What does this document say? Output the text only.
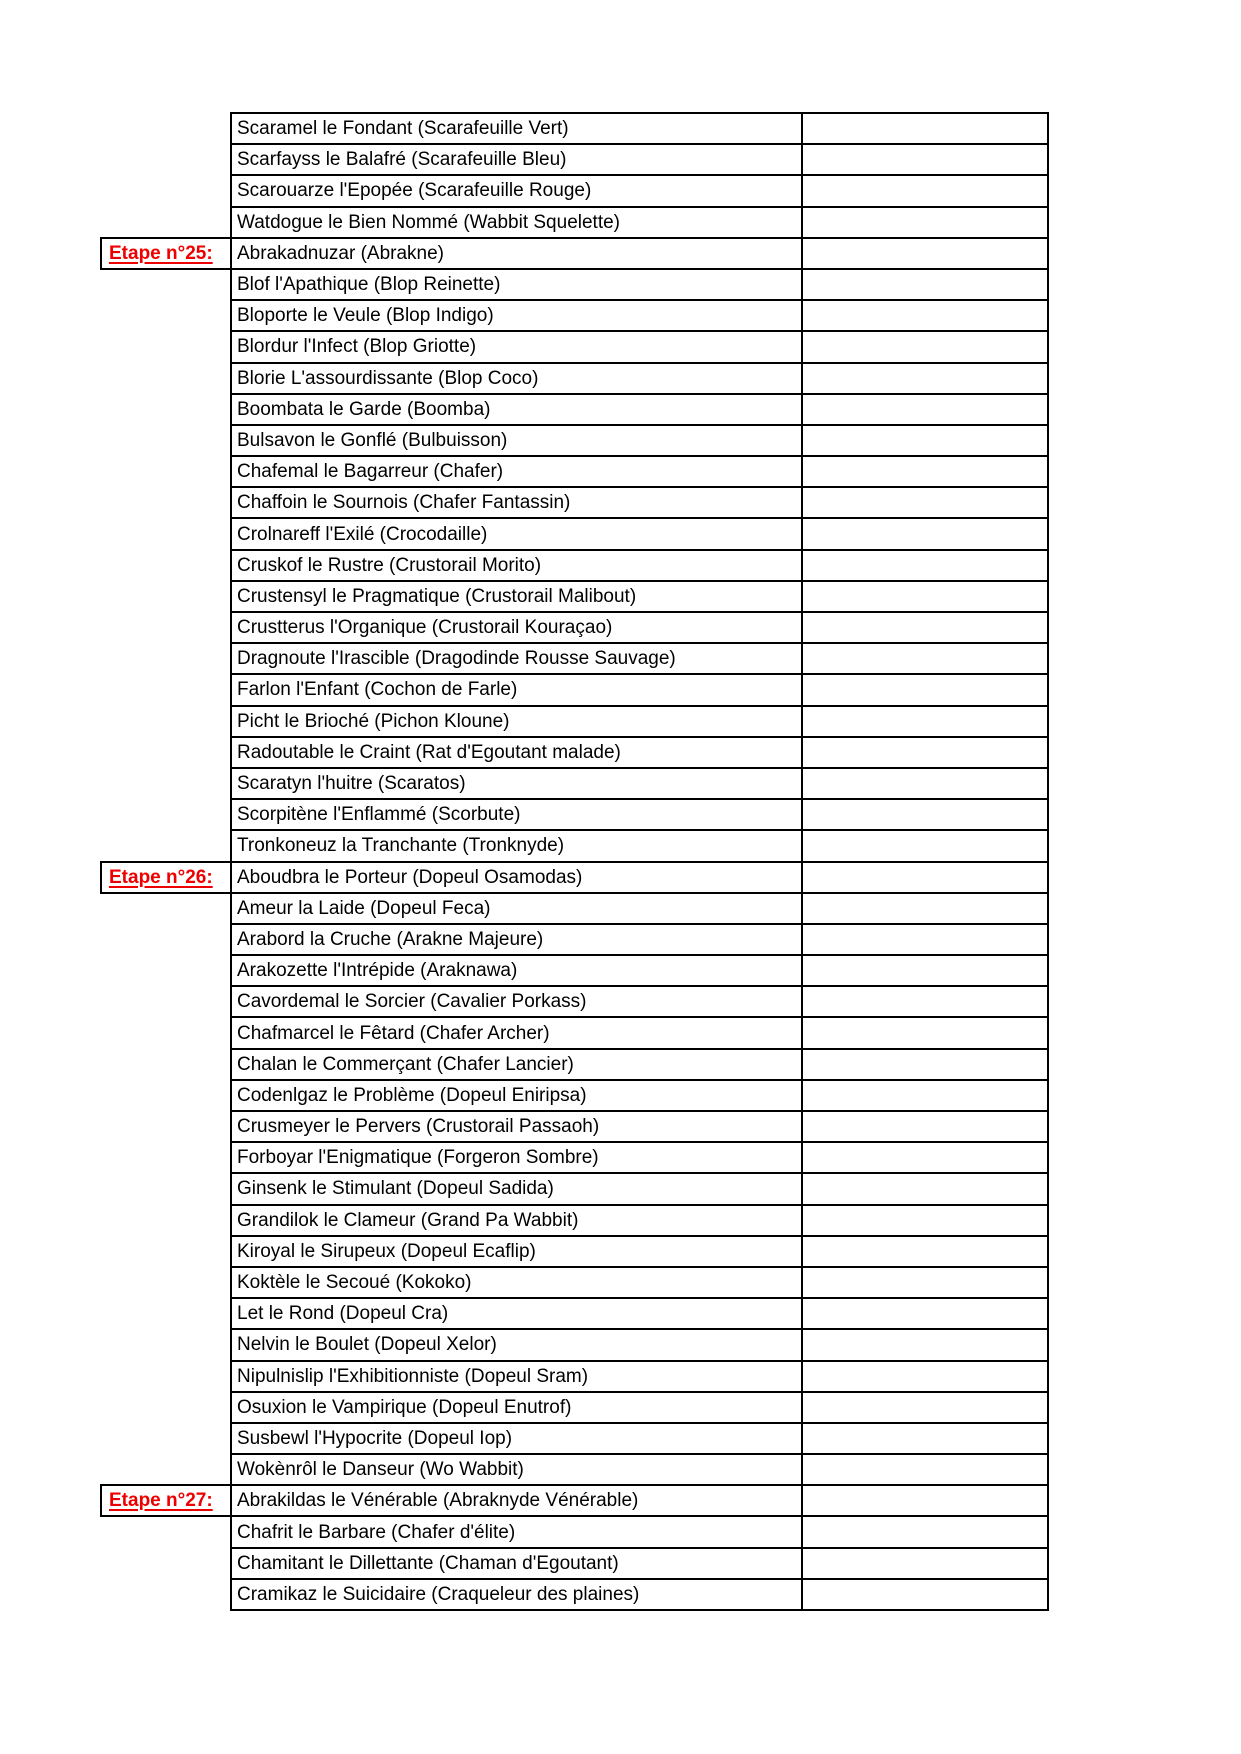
	Scaramel le Fondant (Scarafeuille Vert)	
	Scarfayss le Balafré (Scarafeuille Bleu)	
	Scarouarze l'Epopée (Scarafeuille Rouge)	
	Watdogue le Bien Nommé (Wabbit Squelette)	
Etape n°25:	Abrakadnuzar (Abrakne)	
	Blof l'Apathique (Blop Reinette)	
	Bloporte le Veule (Blop Indigo)	
	Blordur l'Infect (Blop Griotte)	
	Blorie L'assourdissante (Blop Coco)	
	Boombata le Garde (Boomba)	
	Bulsavon le Gonflé (Bulbuisson)	
	Chafemal le Bagarreur (Chafer)	
	Chaffoin le Sournois (Chafer Fantassin)	
	Crolnareff l'Exilé (Crocodaille)	
	Cruskof le Rustre (Crustorail Morito)	
	Crustensyl le Pragmatique (Crustorail Malibout)	
	Crustterus l'Organique (Crustorail Kouraçao)	
	Dragnoute l'Irascible (Dragodinde Rousse Sauvage)	
	Farlon l'Enfant (Cochon de Farle)	
	Picht le Brioché (Pichon Kloune)	
	Radoutable le Craint (Rat d'Egoutant malade)	
	Scaratyn l'huitre (Scaratos)	
	Scorpitène l'Enflammé (Scorbute)	
	Tronkoneuz la Tranchante (Tronknyde)	
Etape n°26:	Aboudbra le Porteur (Dopeul Osamodas)	
	Ameur la Laide (Dopeul Feca)	
	Arabord la Cruche (Arakne Majeure)	
	Arakozette l'Intrépide (Araknawa)	
	Cavordemal le Sorcier (Cavalier Porkass)	
	Chafmarcel le Fêtard (Chafer Archer)	
	Chalan le Commerçant (Chafer Lancier)	
	Codenlgaz le Problème (Dopeul Eniripsa)	
	Crusmeyer le Pervers (Crustorail Passaoh)	
	Forboyar l'Enigmatique (Forgeron Sombre)	
	Ginsenk le Stimulant (Dopeul Sadida)	
	Grandilok le Clameur (Grand Pa Wabbit)	
	Kiroyal le Sirupeux (Dopeul Ecaflip)	
	Koktèle le Secoué (Kokoko)	
	Let le Rond (Dopeul Cra)	
	Nelvin le Boulet (Dopeul Xelor)	
	Nipulnislip l'Exhibitionniste (Dopeul Sram)	
	Osuxion le Vampirique (Dopeul Enutrof)	
	Susbewl l'Hypocrite (Dopeul Iop)	
	Wokènrôl le Danseur (Wo Wabbit)	
Etape n°27:	Abrakildas le Vénérable (Abraknyde Vénérable)	
	Chafrit le Barbare (Chafer d'élite)	
	Chamitant le Dillettante (Chaman d'Egoutant)	
	Cramikaz le Suicidaire (Craqueleur des plaines)	
